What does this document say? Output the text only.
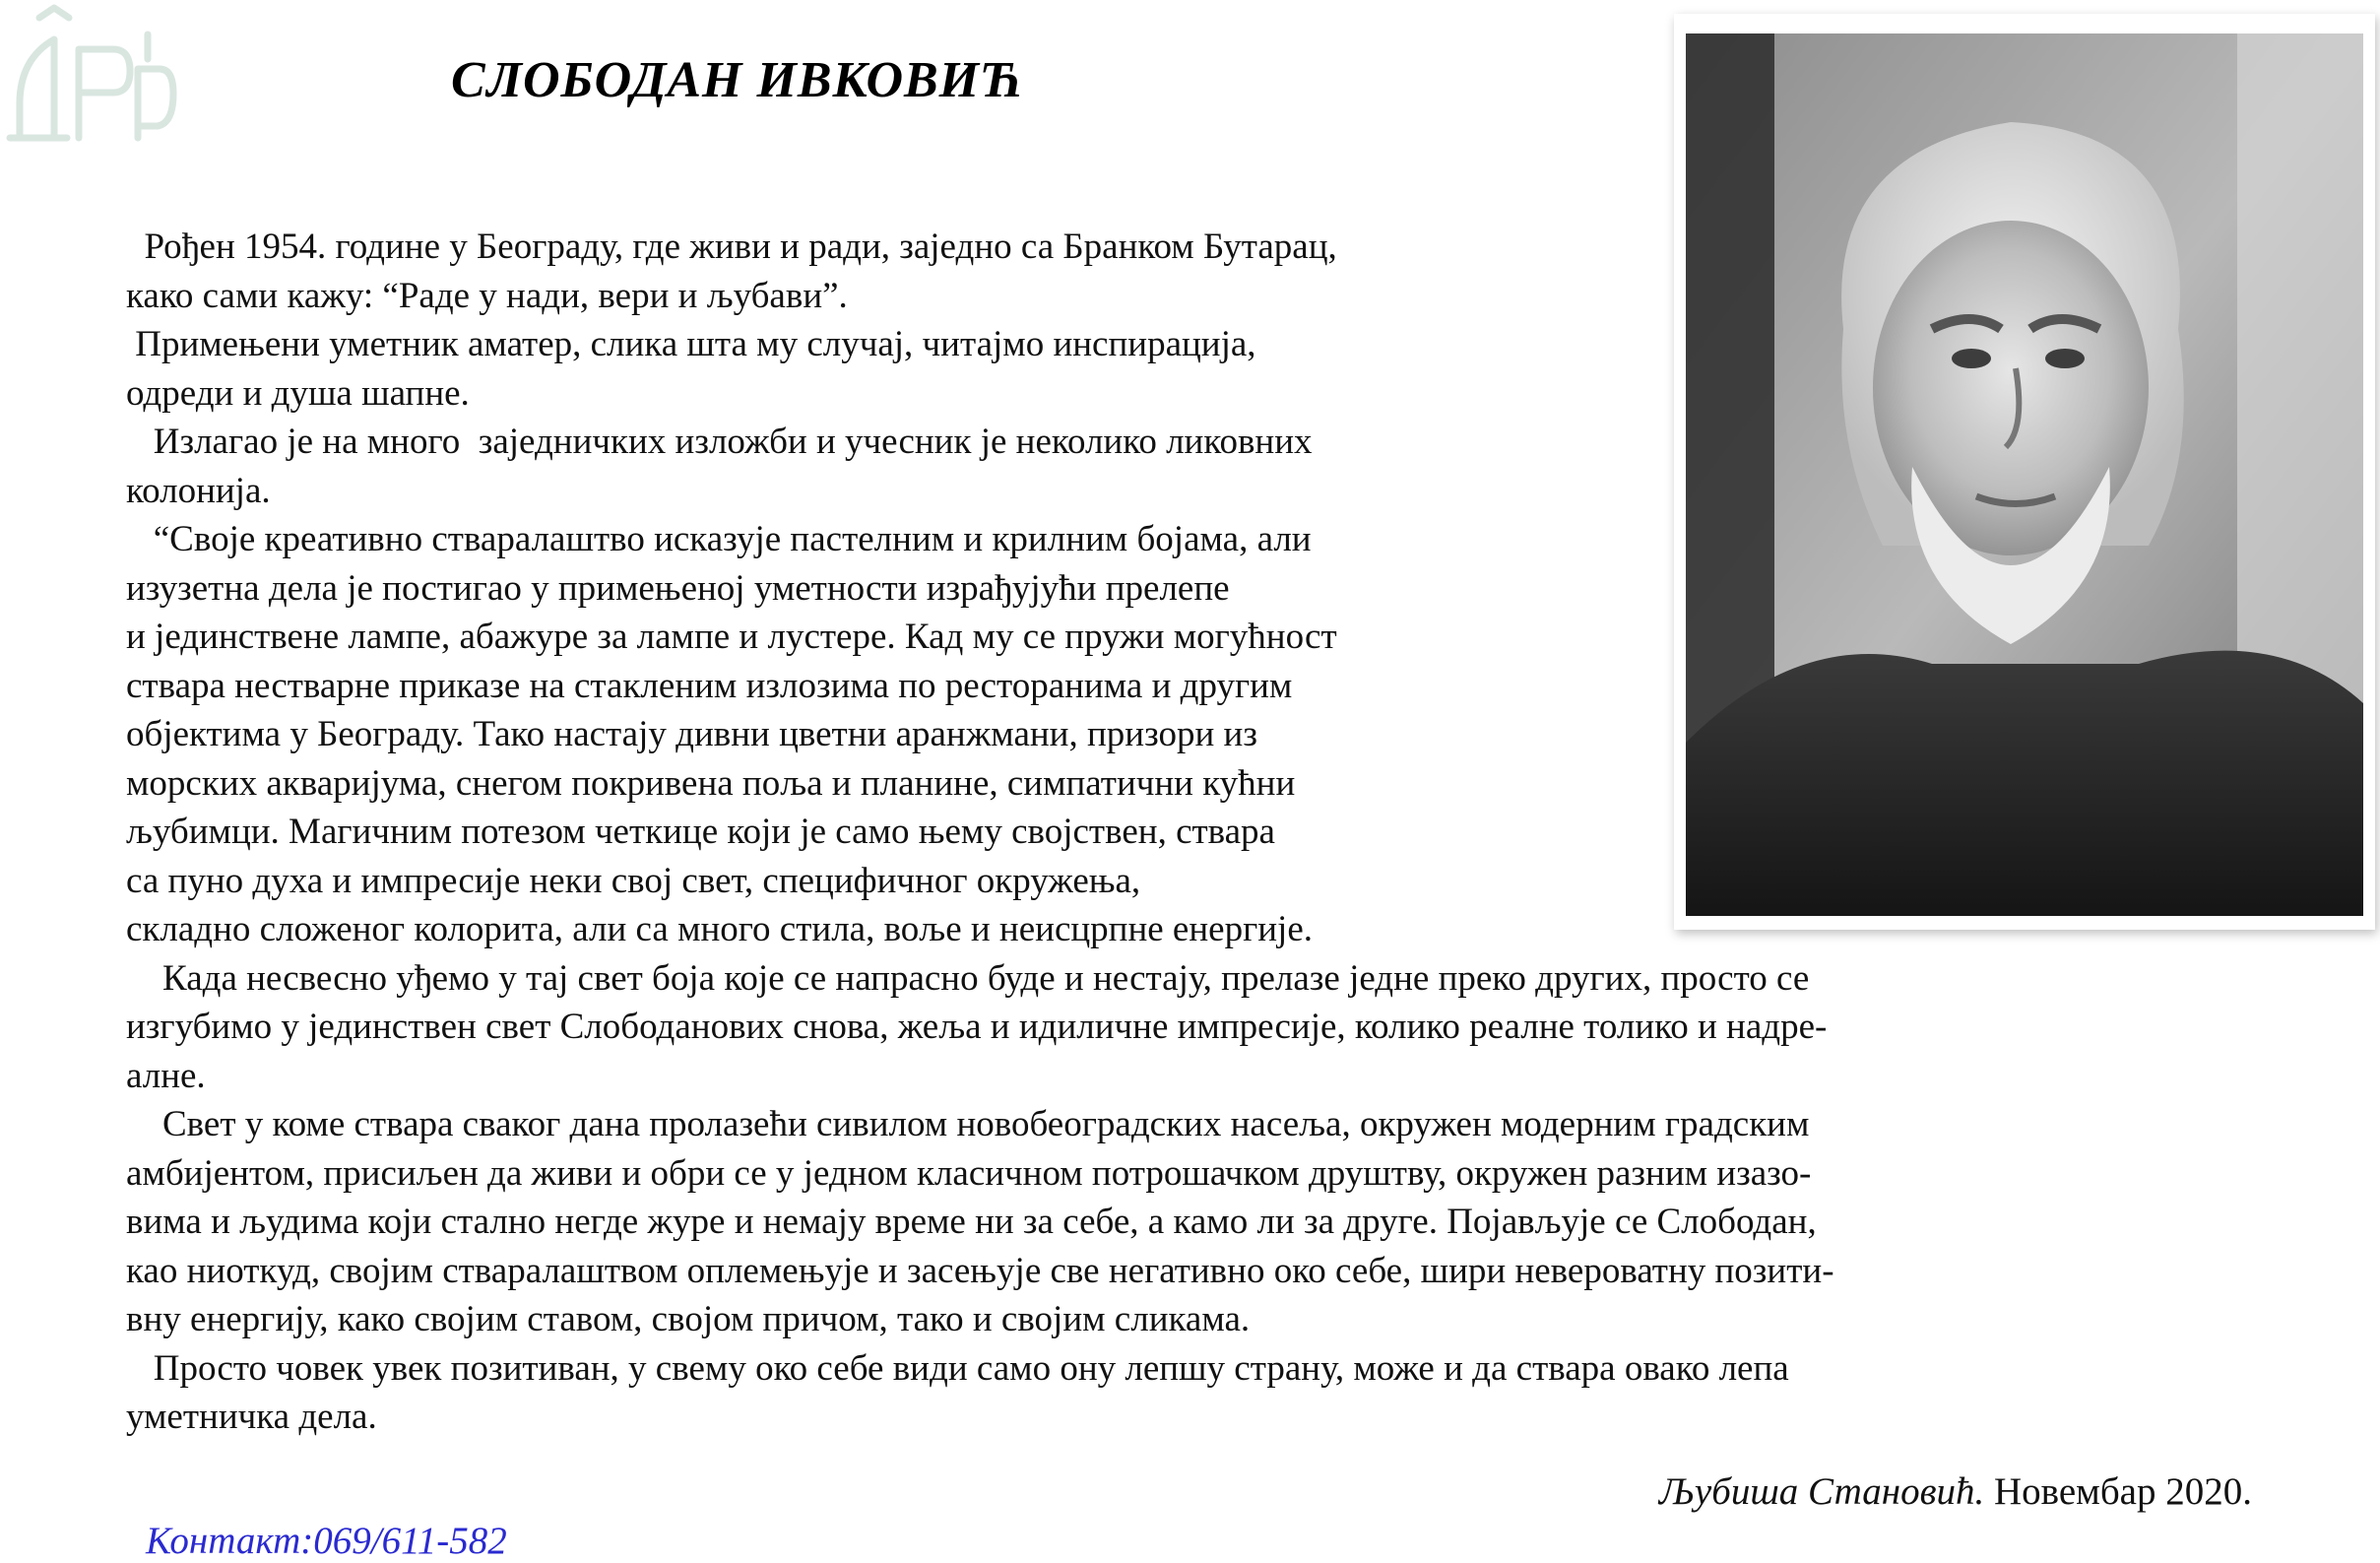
СЛОБОДАН ИВКОВИЋ
Рођен 1954. године у Београду, где живи и ради, заједно са Бранком Бутарац,
како сами кажу: “Раде у нади, вери и љубави”.
Примењени уметник аматер, слика шта му случај, читајмо инспирација,
одреди и душа шапне.
Излагао је на много  заједничких изложби и учесник је неколико ликовних
колонија.
“Своје креативно стваралаштво исказује пастелним и крилним бојама, али
изузетна дела је постигао у примењеној уметности израђујући прелепе
и јединствене лампе, абажуре за лампе и лустере. Кад му се пружи могућност
ствара нестварне приказе на стакленим излозима по ресторанима и другим
објектима у Београду. Тако настају дивни цветни аранжмани, призори из
морских акваријума, снегом покривена поља и планине, симпатични кућни
љубимци. Магичним потезом четкице који је само њему својствен, ствара
са пуно духа и импресије неки свој свет, специфичног окружења,
складно сложеног колорита, али са много стила, воље и неисцрпне енергије.
Када несвесно уђемо у тај свет боја које се напрасно буде и нестају, прелазе једне преко других, просто се
изгубимо у јединствен свет Слободанових снова, жеља и идиличне импресије, колико реалне толико и надре-
алне.
Свет у коме ствара сваког дана пролазећи сивилом новобеоградских насеља, окружен модерним градским
амбијентом, присиљен да живи и обри се у једном класичном потрошачком друштву, окружен разним изазо-
вима и људима који стално негде журе и немају време ни за себе, а камо ли за друге. Појављује се Слободан,
као ниоткуд, својим стваралаштвом оплемењује и засењује све негативно око себе, шири невероватну позити-
вну енергију, како својим ставом, својом причом, тако и својим сликама.
Просто човек увек позитиван, у свему око себе види само ону лепшу страну, може и да ствара овако лепа
уметничка дела.
Љубиша Становић. Новембар 2020.
Контакт:069/611-582
